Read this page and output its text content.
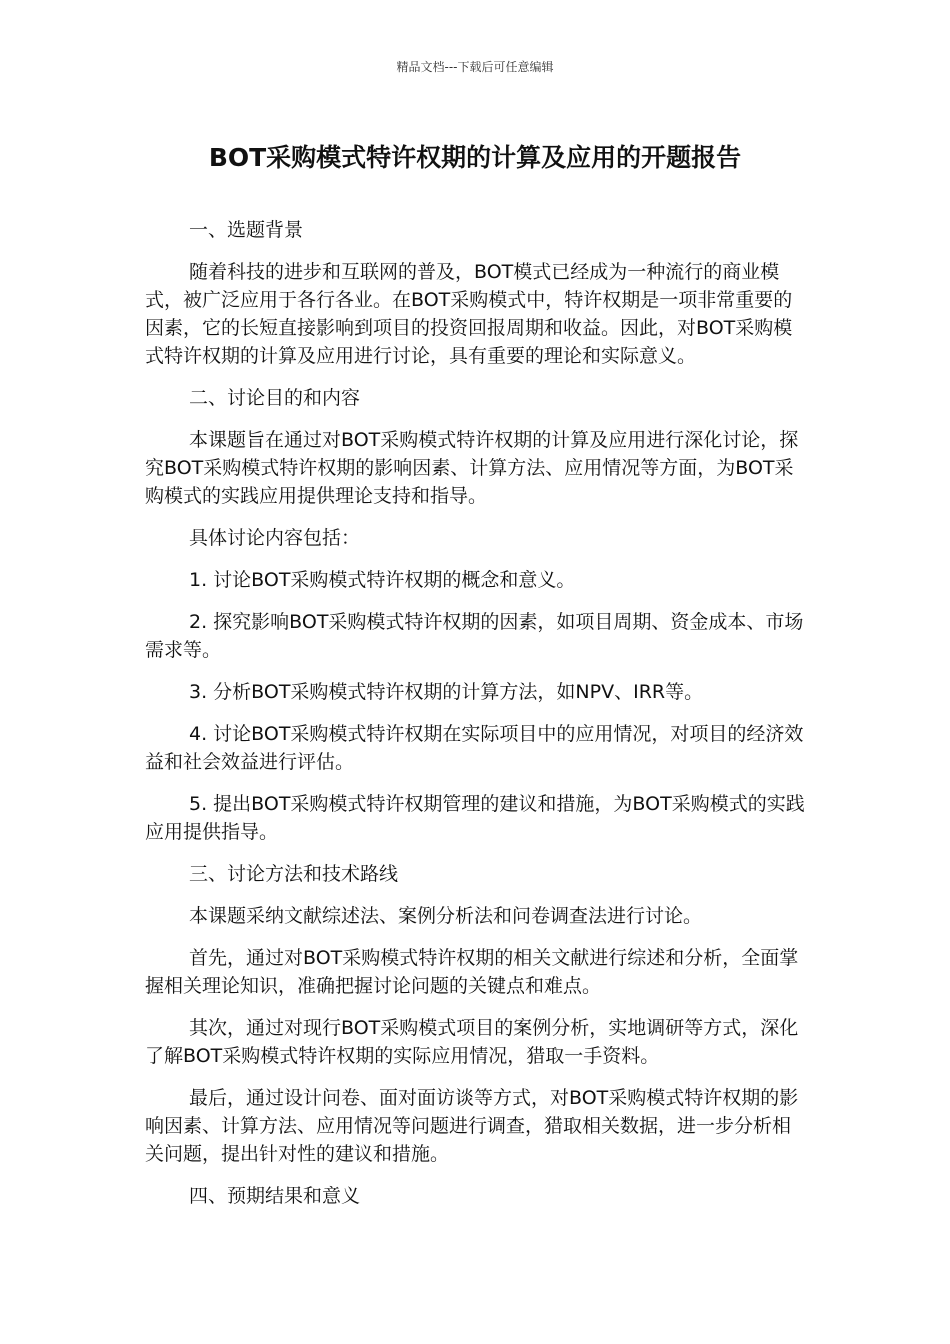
精品文档---下载后可任意编辑
BOT采购模式特许权期的计算及应用的开题报告

一、选题背景

随着科技的进步和互联网的普及，BOT模式已经成为一种流行的商业模式，被广泛应用于各行各业。在BOT采购模式中，特许权期是一项非常重要的因素，它的长短直接影响到项目的投资回报周期和收益。因此，对BOT采购模式特许权期的计算及应用进行讨论，具有重要的理论和实际意义。

二、讨论目的和内容

本课题旨在通过对BOT采购模式特许权期的计算及应用进行深化讨论，探究BOT采购模式特许权期的影响因素、计算方法、应用情况等方面，为BOT采购模式的实践应用提供理论支持和指导。

具体讨论内容包括：

1. 讨论BOT采购模式特许权期的概念和意义。

2. 探究影响BOT采购模式特许权期的因素，如项目周期、资金成本、市场需求等。

3. 分析BOT采购模式特许权期的计算方法，如NPV、IRR等。

4. 讨论BOT采购模式特许权期在实际项目中的应用情况，对项目的经济效益和社会效益进行评估。

5. 提出BOT采购模式特许权期管理的建议和措施，为BOT采购模式的实践应用提供指导。

三、讨论方法和技术路线

本课题采纳文献综述法、案例分析法和问卷调查法进行讨论。

首先，通过对BOT采购模式特许权期的相关文献进行综述和分析，全面掌握相关理论知识，准确把握讨论问题的关键点和难点。

其次，通过对现行BOT采购模式项目的案例分析，实地调研等方式，深化了解BOT采购模式特许权期的实际应用情况，猎取一手资料。

最后，通过设计问卷、面对面访谈等方式，对BOT采购模式特许权期的影响因素、计算方法、应用情况等问题进行调查，猎取相关数据，进一步分析相关问题，提出针对性的建议和措施。

四、预期结果和意义
